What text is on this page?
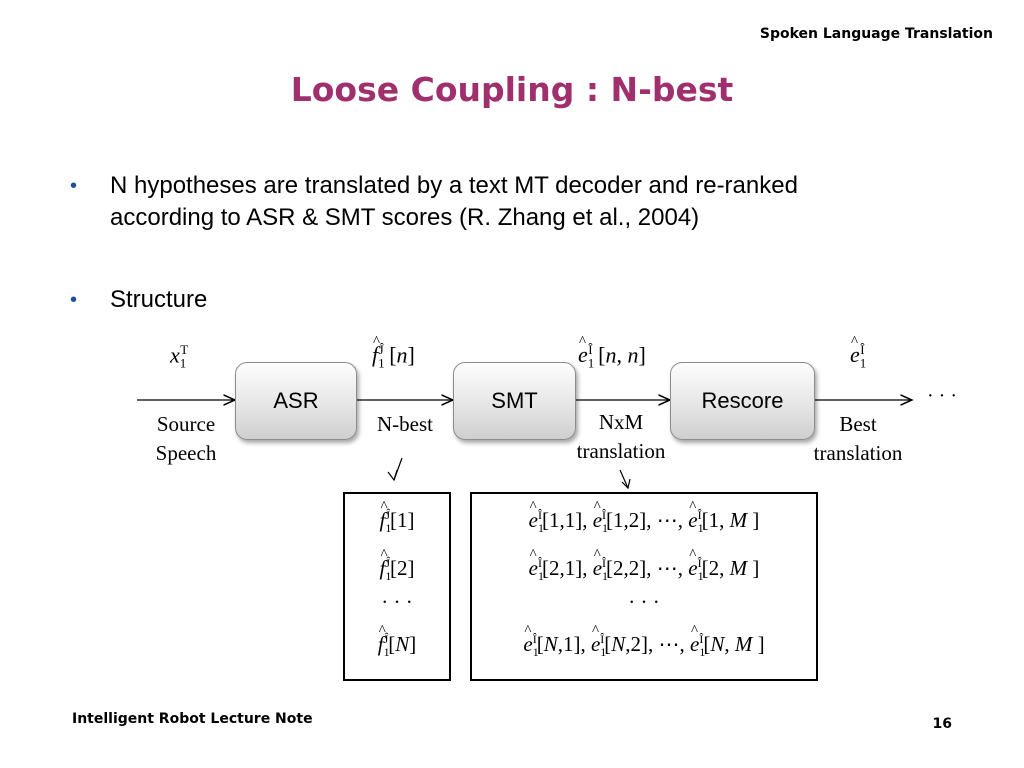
Spoken Language Translation
Loose Coupling : N-best
• N hypotheses are translated by a text MT decoder and re-ranked
according to ASR & SMT scores (R. Zhang et al., 2004)
• Structure
$x_1^T$	^ $f_1^Ĵ$ [n]	^ $e_1^Î$ [n, n]	^ $e_1^Î$
ASR	SMT	Rescore
Source
Speech
N-best	NxM
translation
Best
translation
· · ·
^ $f_1^Ĵ[1]$
^ $f_1^Ĵ[2]$
· · ·
^ $f_1^Ĵ[N]$
^ $e_1^Î[1,1]$, ^ $e_1^Î[1,2]$, ⋯, ^ $e_1^Î[1$, M ]
^ $e_1^Î[2,1]$, ^ $e_1^Î[2,2]$, ⋯, ^ $e_1^Î[2$, M ]
· · ·
^ $e_1^Î[N,1]$, ^ $e_1^Î[N,2]$, ⋯, ^ $e_1^Î[N$, M ]
Intelligent Robot Lecture Note	16
